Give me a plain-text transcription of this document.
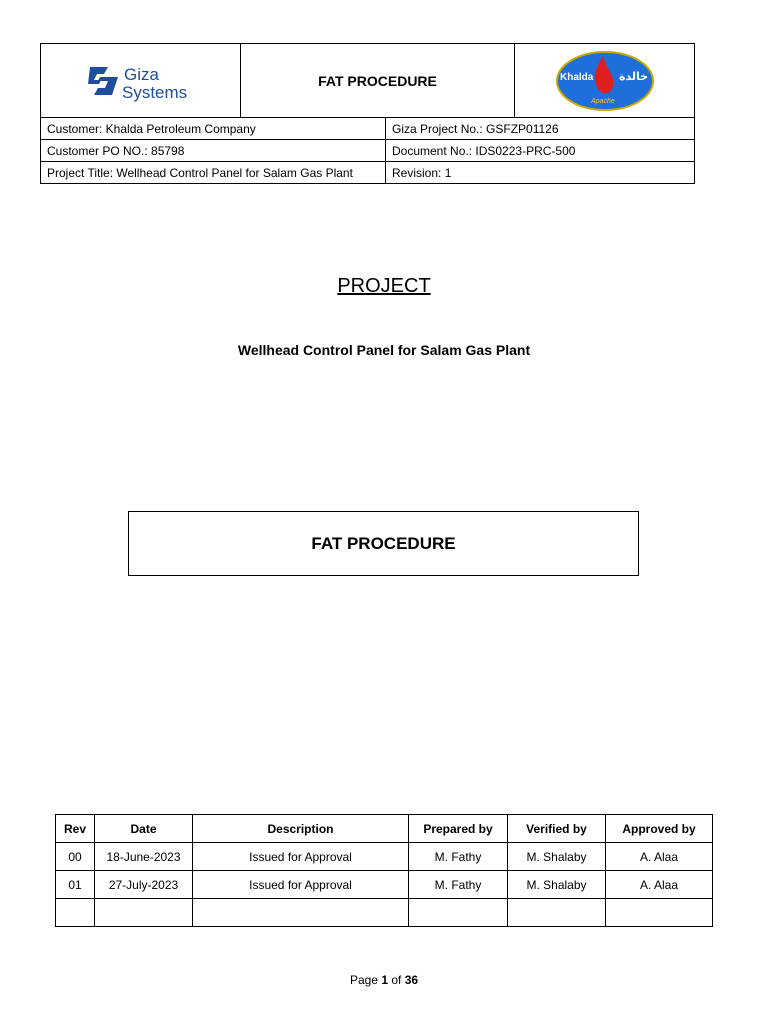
Giza
Systems
FAT PROCEDURE	Khalda خالدة
Apache
Customer: Khalda Petroleum Company	Giza Project No.: GSFZP01126
Customer PO NO.: 85798	Document No.: IDS0223-PRC-500
Project Title: Wellhead Control Panel for Salam Gas Plant	Revision: 1
PROJECT
Wellhead Control Panel for Salam Gas Plant
FAT PROCEDURE
Rev	Date	Description	Prepared by	Verified by	Approved by
00	18-June-2023	Issued for Approval	M. Fathy	M. Shalaby	A. Alaa
01	27-July-2023	Issued for Approval	M. Fathy	M. Shalaby	A. Alaa

Page 1 of 36
